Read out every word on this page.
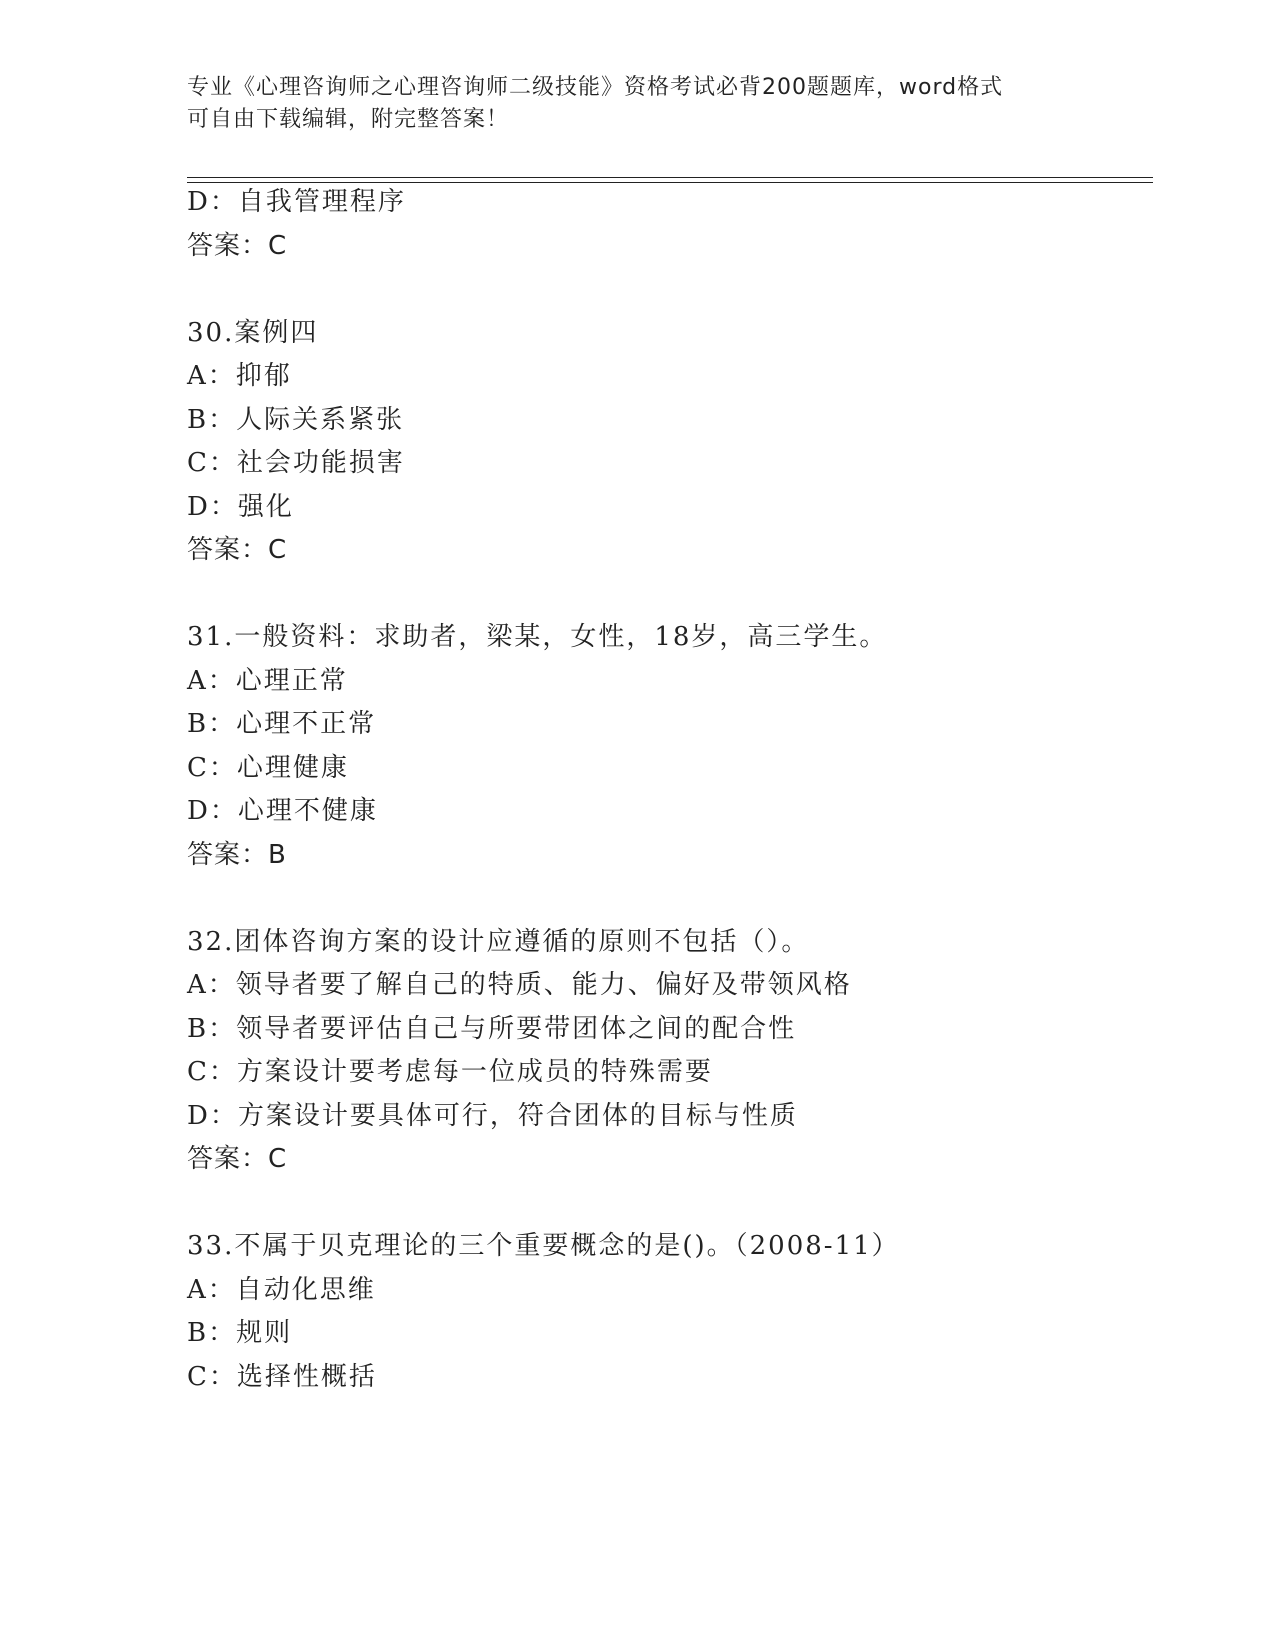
专业《心理咨询师之心理咨询师二级技能》资格考试必背200题题库，word格式
可自由下载编辑，附完整答案！
D：自我管理程序
答案：C
30.案例四
A：抑郁
B：人际关系紧张
C：社会功能损害
D：强化
答案：C
31.一般资料：求助者，梁某，女性，18岁，高三学生。
A：心理正常
B：心理不正常
C：心理健康
D：心理不健康
答案：B
32.团体咨询方案的设计应遵循的原则不包括（）。
A：领导者要了解自己的特质、能力、偏好及带领风格
B：领导者要评估自己与所要带团体之间的配合性
C：方案设计要考虑每一位成员的特殊需要
D：方案设计要具体可行，符合团体的目标与性质
答案：C
33.不属于贝克理论的三个重要概念的是()。（2008-11）
A：自动化思维
B：规则
C：选择性概括
